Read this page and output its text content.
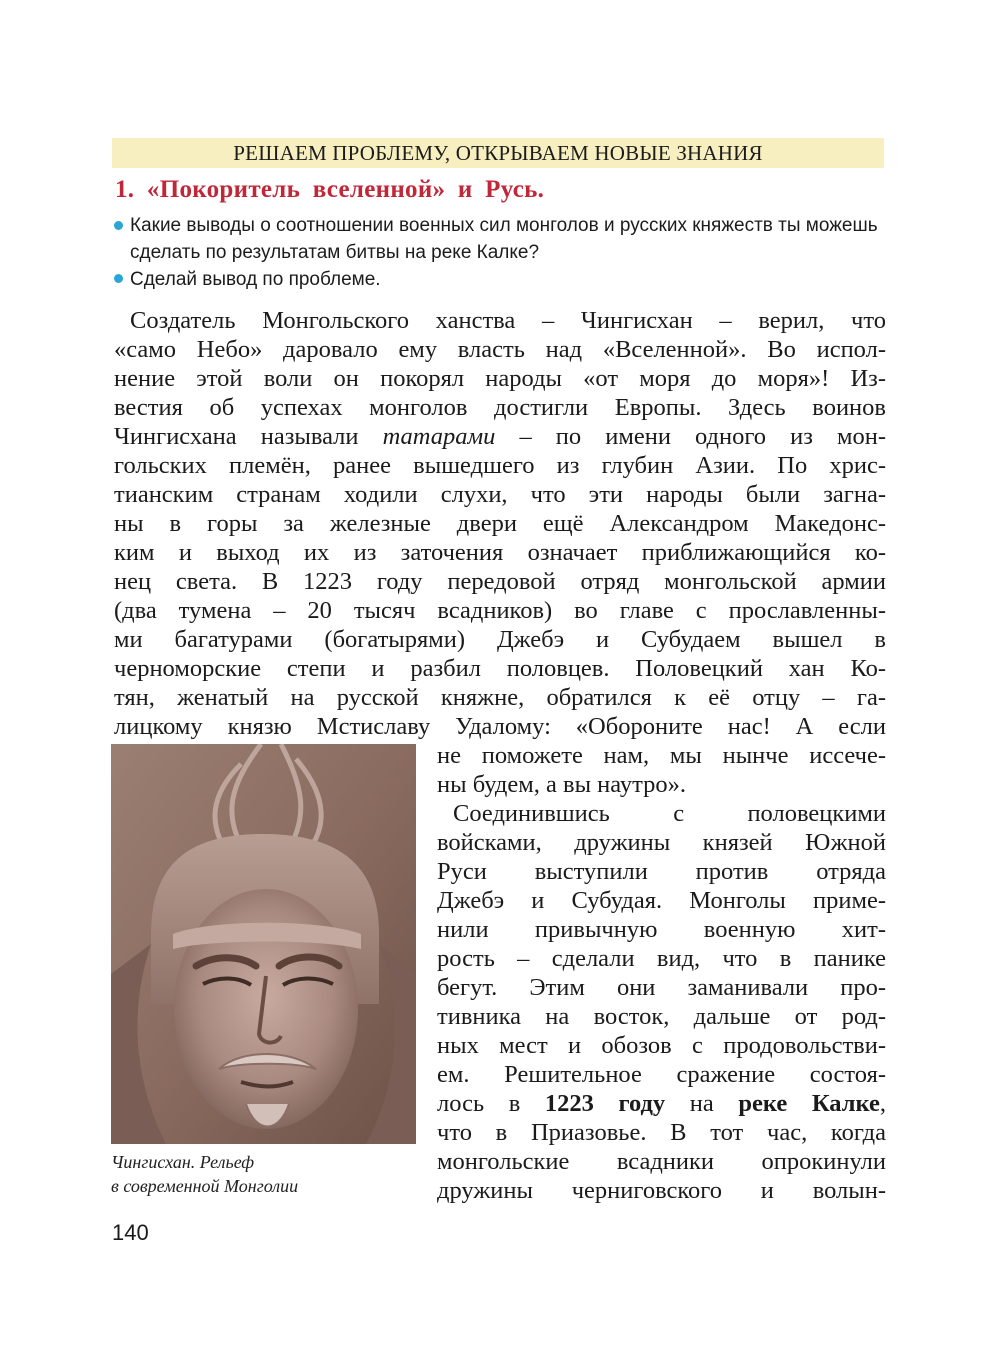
РЕШАЕМ ПРОБЛЕМУ, ОТКРЫВАЕМ НОВЫЕ ЗНАНИЯ
1. «Покоритель вселенной» и Русь.
Какие выводы о соотношении военных сил монголов и русских княжеств ты можешь сделать по результатам битвы на реке Калке?
Сделай вывод по проблеме.
Создатель Монгольского ханства – Чингисхан – верил, что
«само Небо» даровало ему власть над «Вселенной». Во испол-
нение этой воли он покорял народы «от моря до моря»! Из-
вестия об успехах монголов достигли Европы. Здесь воинов
Чингисхана называли татарами – по имени одного из мон-
гольских племён, ранее вышедшего из глубин Азии. По хрис-
тианским странам ходили слухи, что эти народы были загна-
ны в горы за железные двери ещё Александром Македонс-
ким и выход их из заточения означает приближающийся ко-
нец света. В 1223 году передовой отряд монгольской армии
(два тумена – 20 тысяч всадников) во главе с прославленны-
ми багатурами (богатырями) Джебэ и Субудаем вышел в
черноморские степи и разбил половцев. Половецкий хан Ко-
тян, женатый на русской княжне, обратился к её отцу – га-
лицкому князю Мстиславу Удалому: «Обороните нас! А если
Чингисхан. Рельеф
в современной Монголии
не поможете нам, мы нынче иссече-
ны будем, а вы наутро».
Соединившись с половецкими
войсками, дружины князей Южной
Руси выступили против отряда
Джебэ и Субудая. Монголы приме-
нили привычную военную хит-
рость – сделали вид, что в панике
бегут. Этим они заманивали про-
тивника на восток, дальше от род-
ных мест и обозов с продовольстви-
ем. Решительное сражение состоя-
лось в 1223 году на реке Калке,
что в Приазовье. В тот час, когда
монгольские всадники опрокинули
дружины черниговского и волын-
140
